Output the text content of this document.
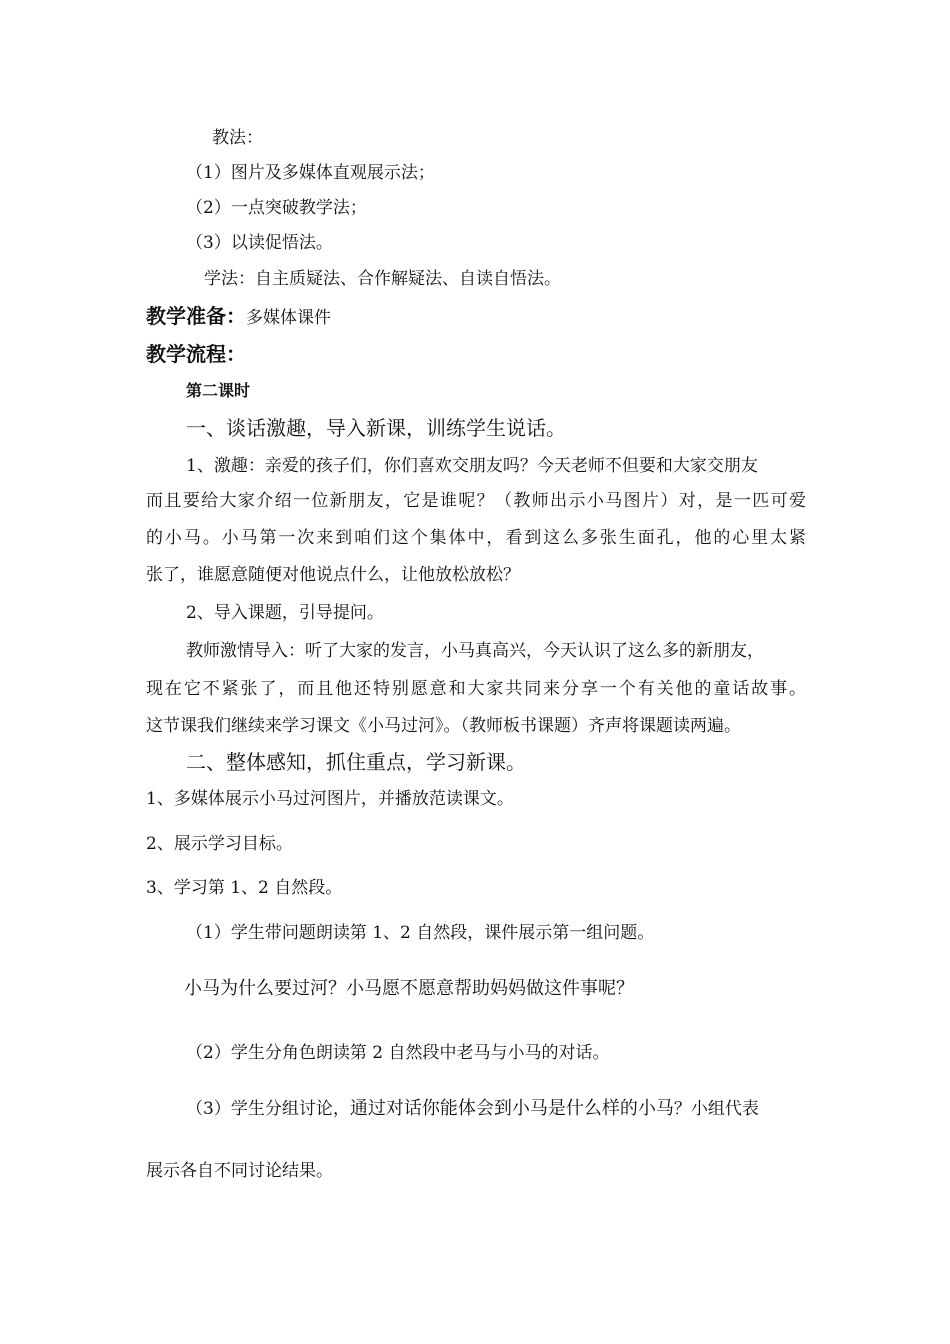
教法：
（1）图片及多媒体直观展示法；
（2）一点突破教学法；
（3）以读促悟法。
学法：自主质疑法、合作解疑法、自读自悟法。
教学准备：多媒体课件
教学流程：
第二课时
一、谈话激趣，导入新课，训练学生说话。
1、激趣：亲爱的孩子们，你们喜欢交朋友吗？今天老师不但要和大家交朋友
而且要给大家介绍一位新朋友，它是谁呢？（教师出示小马图片）对，是一匹可爱
的小马。小马第一次来到咱们这个集体中，看到这么多张生面孔，他的心里太紧
张了，谁愿意随便对他说点什么，让他放松放松？
2、导入课题，引导提问。
教师激情导入：听了大家的发言，小马真高兴，今天认识了这么多的新朋友，
现在它不紧张了，而且他还特别愿意和大家共同来分享一个有关他的童话故事。
这节课我们继续来学习课文《小马过河》。（教师板书课题）齐声将课题读两遍。
二、整体感知，抓住重点，学习新课。
1、多媒体展示小马过河图片，并播放范读课文。
2、展示学习目标。
3、学习第 1、2 自然段。
（1）学生带问题朗读第 1、2 自然段，课件展示第一组问题。
小马为什么要过河？小马愿不愿意帮助妈妈做这件事呢？
（2）学生分角色朗读第 2 自然段中老马与小马的对话。
（3）学生分组讨论，通过对话你能体会到小马是什么样的小马？小组代表
展示各自不同讨论结果。
